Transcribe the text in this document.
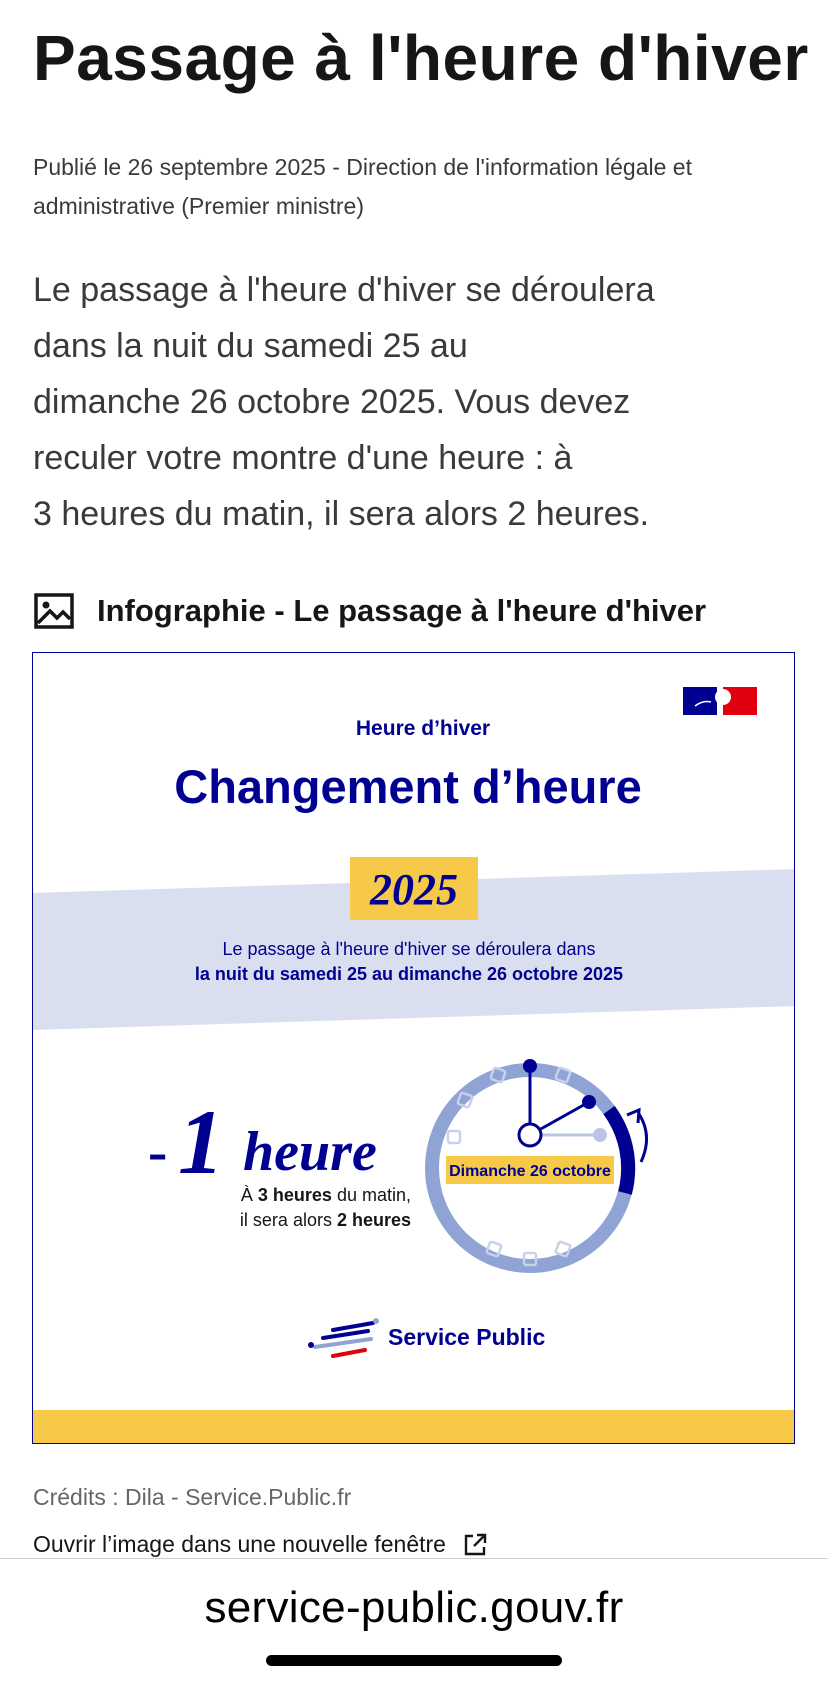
Passage à l'heure d'hiver
Publié le 26 septembre 2025 - Direction de l'information légale et
administrative (Premier ministre)
Le passage à l'heure d'hiver se déroulera
dans la nuit du samedi 25 au
dimanche 26 octobre 2025. Vous devez
reculer votre montre d'une heure : à
3 heures du matin, il sera alors 2 heures.
Infographie - Le passage à l'heure d'hiver
Heure d’hiver
Changement d’heure
2025
Le passage à l'heure d'hiver se déroulera dans
la nuit du samedi 25 au dimanche 26 octobre 2025
- 1 heure
À 3 heures du matin,
il sera alors 2 heures
Dimanche 26 octobre
Service Public
Crédits : Dila - Service.Public.fr
Ouvrir l’image dans une nouvelle fenêtre
service-public.gouv.fr
